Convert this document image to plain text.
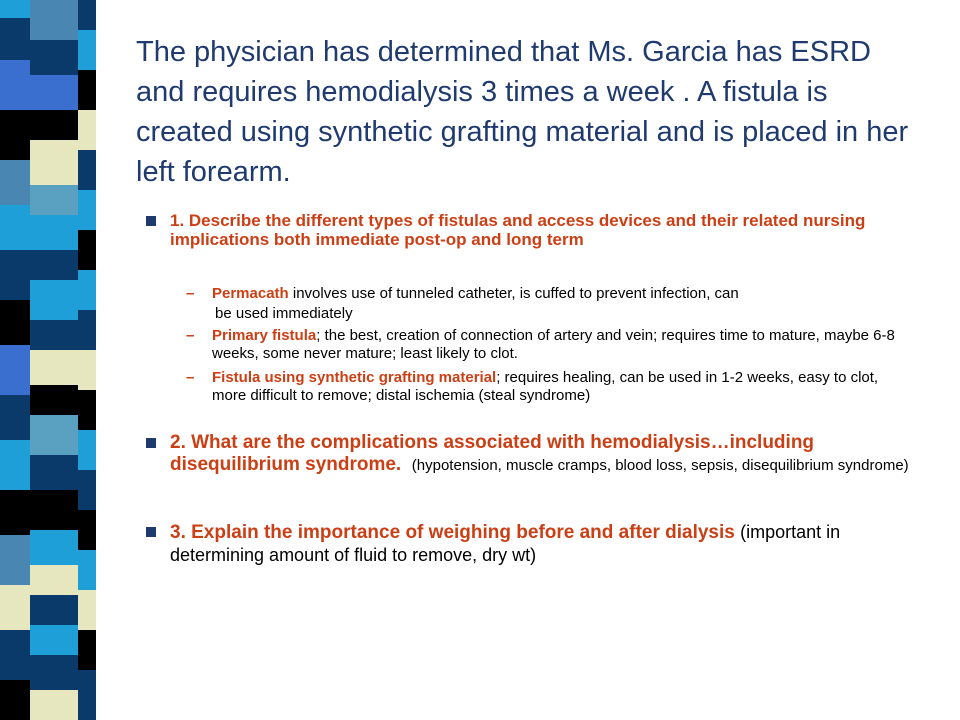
The physician has determined that Ms. Garcia has ESRD and requires hemodialysis 3 times a week . A fistula is created using synthetic grafting material and is placed in her left forearm.

1. Describe the different types of fistulas and access devices and their related nursing implications both immediate post-op and long term

– Permacath involves use of tunneled catheter, is cuffed to prevent infection, can

be used immediately

– Primary fistula; the best, creation of connection of artery and vein; requires time to mature, maybe 6-8 weeks, some never mature; least likely to clot.

– Fistula using synthetic grafting material; requires healing, can be used in 1-2 weeks, easy to clot, more difficult to remove; distal ischemia (steal syndrome)

2. What are the complications associated with hemodialysis…including disequilibrium syndrome. (hypotension, muscle cramps, blood loss, sepsis, disequilibrium syndrome)

3. Explain the importance of weighing before and after dialysis (important in determining amount of fluid to remove, dry wt)
